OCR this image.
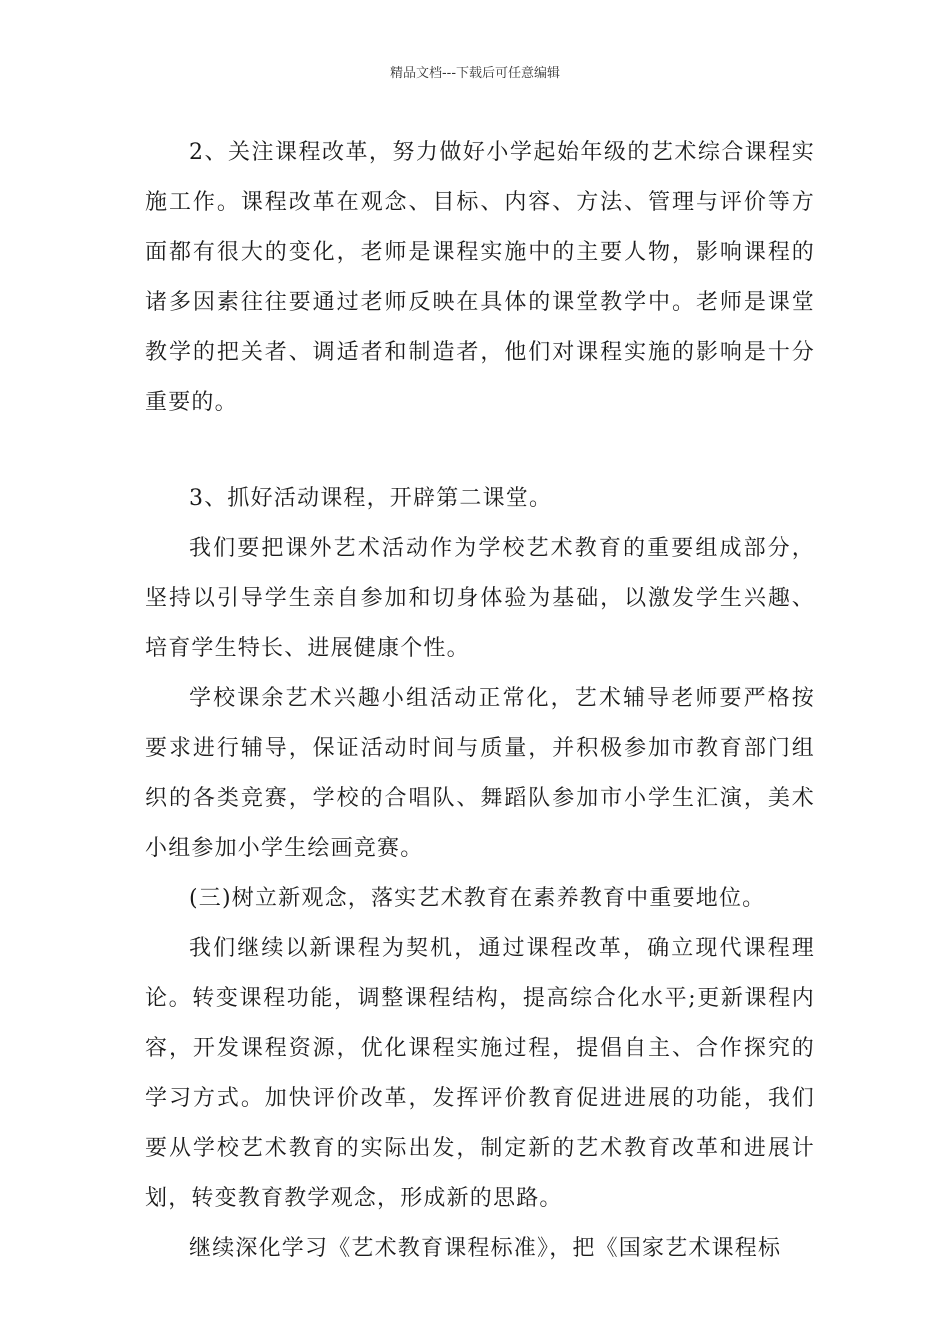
精品文档---下载后可任意编辑

2、关注课程改革，努力做好小学起始年级的艺术综合课程实施工作。课程改革在观念、目标、内容、方法、管理与评价等方面都有很大的变化，老师是课程实施中的主要人物，影响课程的诸多因素往往要通过老师反映在具体的课堂教学中。老师是课堂教学的把关者、调适者和制造者，他们对课程实施的影响是十分重要的。

3、抓好活动课程，开辟第二课堂。

我们要把课外艺术活动作为学校艺术教育的重要组成部分，坚持以引导学生亲自参加和切身体验为基础，以激发学生兴趣、培育学生特长、进展健康个性。

学校课余艺术兴趣小组活动正常化，艺术辅导老师要严格按要求进行辅导，保证活动时间与质量，并积极参加市教育部门组织的各类竞赛，学校的合唱队、舞蹈队参加市小学生汇演，美术小组参加小学生绘画竞赛。

(三)树立新观念，落实艺术教育在素养教育中重要地位。

我们继续以新课程为契机，通过课程改革，确立现代课程理论。转变课程功能，调整课程结构，提高综合化水平;更新课程内容，开发课程资源，优化课程实施过程，提倡自主、合作探究的学习方式。加快评价改革，发挥评价教育促进进展的功能，我们要从学校艺术教育的实际出发，制定新的艺术教育改革和进展计划，转变教育教学观念，形成新的思路。

继续深化学习《艺术教育课程标准》，把《国家艺术课程标
